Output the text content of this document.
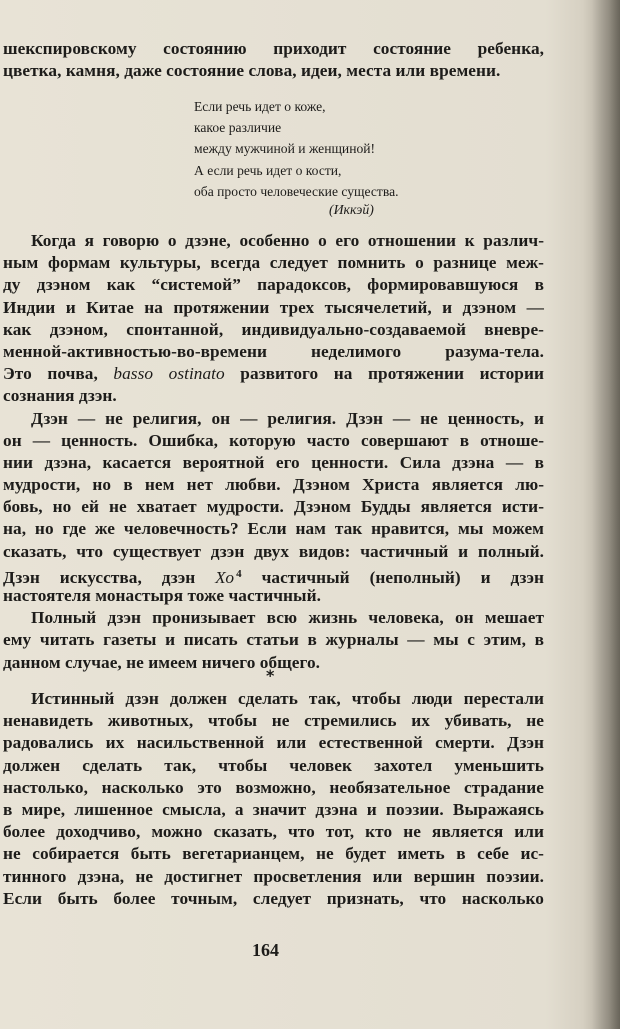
шекспировскому состоянию приходит состояние ребенка,
цветка, камня, даже состояние слова, идеи, места или времени.
Если речь идет о коже,
какое различие
между мужчиной и женщиной!
А если речь идет о кости,
оба просто человеческие существа.
(Иккэй)
Когда я говорю о дзэне, особенно о его отношении к различ-
ным формам культуры, всегда следует помнить о разнице меж-
ду дзэном как “системой” парадоксов, формировавшуюся в
Индии и Китае на протяжении трех тысячелетий, и дзэном —
как дзэном, спонтанной, индивидуально-создаваемой вневре-
менной-активностью-во-времени неделимого разума-тела.
Это почва, basso ostinato развитого на протяжении истории
сознания дзэн.
Дзэн — не религия, он — религия. Дзэн — не ценность, и
он — ценность. Ошибка, которую часто совершают в отноше-
нии дзэна, касается вероятной его ценности. Сила дзэна — в
мудрости, но в нем нет любви. Дзэном Христа является лю-
бовь, но ей не хватает мудрости. Дзэном Будды является исти-
на, но где же человечность? Если нам так нравится, мы можем
сказать, что существует дзэн двух видов: частичный и полный.
Дзэн искусства, дзэн Хо $^4$ частичный (неполный) и дзэн
настоятеля монастыря тоже частичный.
Полный дзэн пронизывает всю жизнь человека, он мешает
ему читать газеты и писать статьи в журналы — мы с этим, в
данном случае, не имеем ничего общего.
*
Истинный дзэн должен сделать так, чтобы люди перестали
ненавидеть животных, чтобы не стремились их убивать, не
радовались их насильственной или естественной смерти. Дзэн
должен сделать так, чтобы человек захотел уменьшить
настолько, насколько это возможно, необязательное страдание
в мире, лишенное смысла, а значит дзэна и поэзии. Выражаясь
более доходчиво, можно сказать, что тот, кто не является или
не собирается быть вегетарианцем, не будет иметь в себе ис-
тинного дзэна, не достигнет просветления или вершин поэзии.
Если быть более точным, следует признать, что насколько
164
